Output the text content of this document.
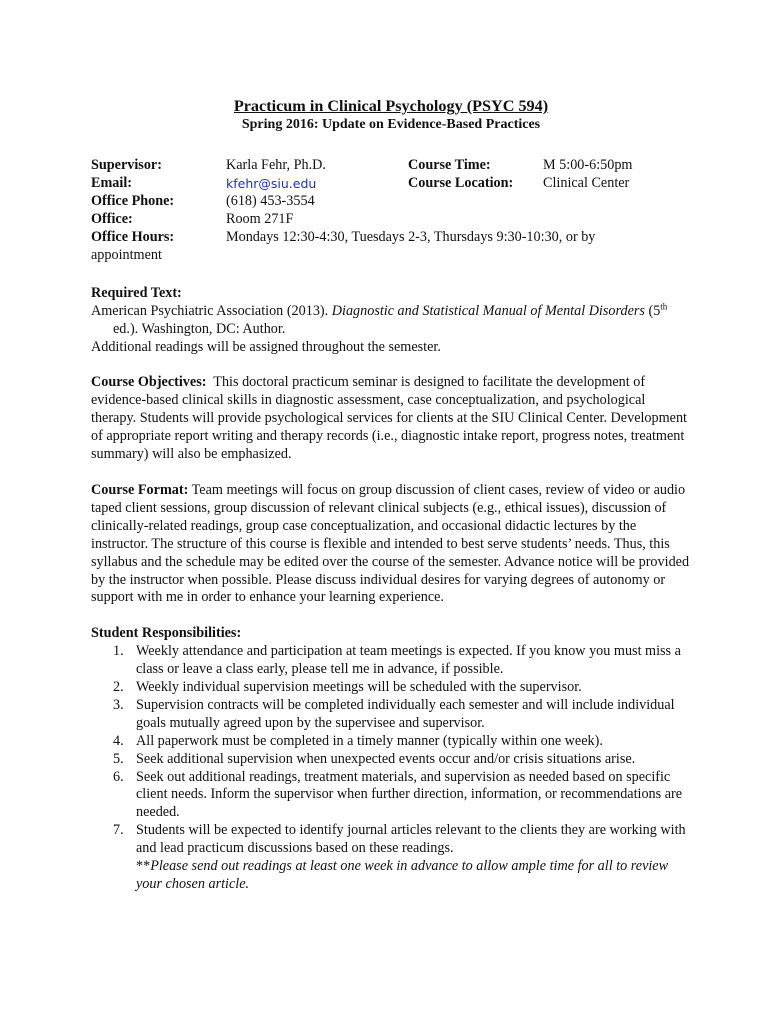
Practicum in Clinical Psychology (PSYC 594)
Spring 2016: Update on Evidence-Based Practices
Supervisor:	Karla Fehr, Ph.D.	Course Time:	M 5:00-6:50pm
Email:	kfehr@siu.edu	Course Location: Clinical Center
Office Phone:	(618) 453-3554
Office:	Room 271F
Office Hours:	Mondays 12:30-4:30, Tuesdays 2-3, Thursdays 9:30-10:30, or by
appointment
Required Text:
American Psychiatric Association (2013). Diagnostic and Statistical Manual of Mental Disorders (5th ed.). Washington, DC: Author.
Additional readings will be assigned throughout the semester.
Course Objectives: This doctoral practicum seminar is designed to facilitate the development of evidence-based clinical skills in diagnostic assessment, case conceptualization, and psychological therapy. Students will provide psychological services for clients at the SIU Clinical Center. Development of appropriate report writing and therapy records (i.e., diagnostic intake report, progress notes, treatment summary) will also be emphasized.
Course Format: Team meetings will focus on group discussion of client cases, review of video or audio taped client sessions, group discussion of relevant clinical subjects (e.g., ethical issues), discussion of clinically-related readings, group case conceptualization, and occasional didactic lectures by the instructor. The structure of this course is flexible and intended to best serve students’ needs. Thus, this syllabus and the schedule may be edited over the course of the semester. Advance notice will be provided by the instructor when possible. Please discuss individual desires for varying degrees of autonomy or support with me in order to enhance your learning experience.
Student Responsibilities:
1. Weekly attendance and participation at team meetings is expected. If you know you must miss a class or leave a class early, please tell me in advance, if possible.
2. Weekly individual supervision meetings will be scheduled with the supervisor.
3. Supervision contracts will be completed individually each semester and will include individual goals mutually agreed upon by the supervisee and supervisor.
4. All paperwork must be completed in a timely manner (typically within one week).
5. Seek additional supervision when unexpected events occur and/or crisis situations arise.
6. Seek out additional readings, treatment materials, and supervision as needed based on specific client needs. Inform the supervisor when further direction, information, or recommendations are needed.
7. Students will be expected to identify journal articles relevant to the clients they are working with and lead practicum discussions based on these readings.
**Please send out readings at least one week in advance to allow ample time for all to review your chosen article.
